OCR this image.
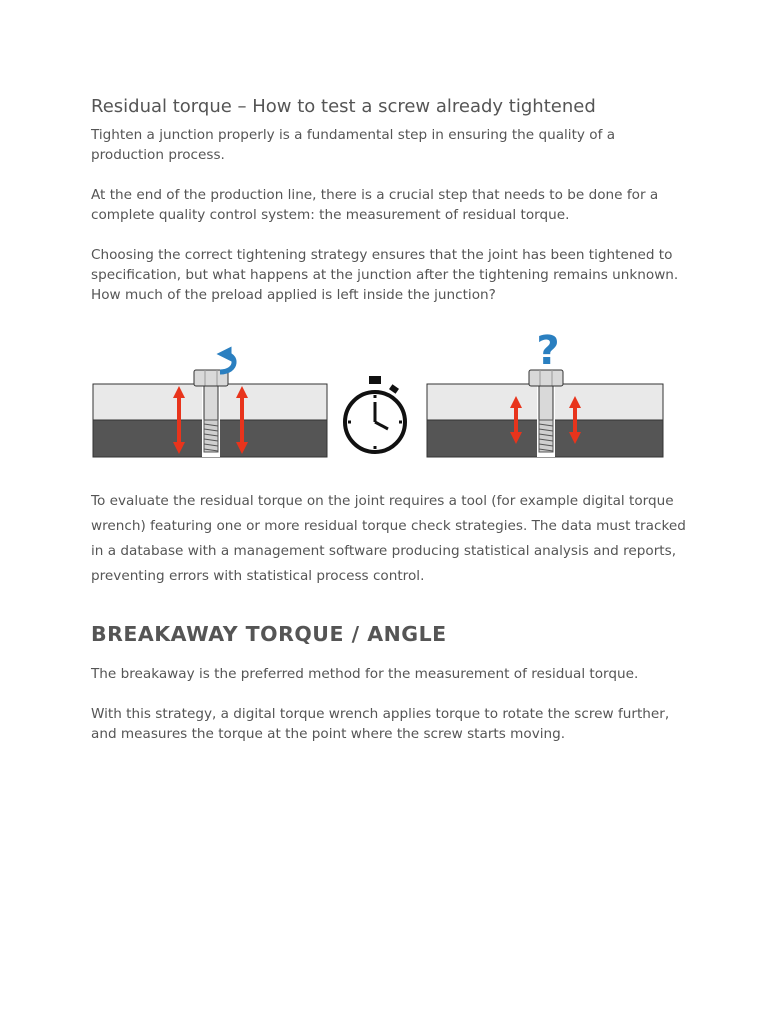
Residual torque – How to test a screw already tightened

Tighten a junction properly is a fundamental step in ensuring the quality of a production process.

At the end of the production line, there is a crucial step that needs to be done for a complete quality control system: the measurement of residual torque.

Choosing the correct tightening strategy ensures that the joint has been tightened to specification, but what happens at the junction after the tightening remains unknown. How much of the preload applied is left inside the junction?

?

To evaluate the residual torque on the joint requires a tool (for example digital torque wrench) featuring one or more residual torque check strategies. The data must tracked in a database with a management software producing statistical analysis and reports, preventing errors with statistical process control.

BREAKAWAY TORQUE / ANGLE

The breakaway is the preferred method for the measurement of residual torque.

With this strategy, a digital torque wrench applies torque to rotate the screw further, and measures the torque at the point where the screw starts moving.
